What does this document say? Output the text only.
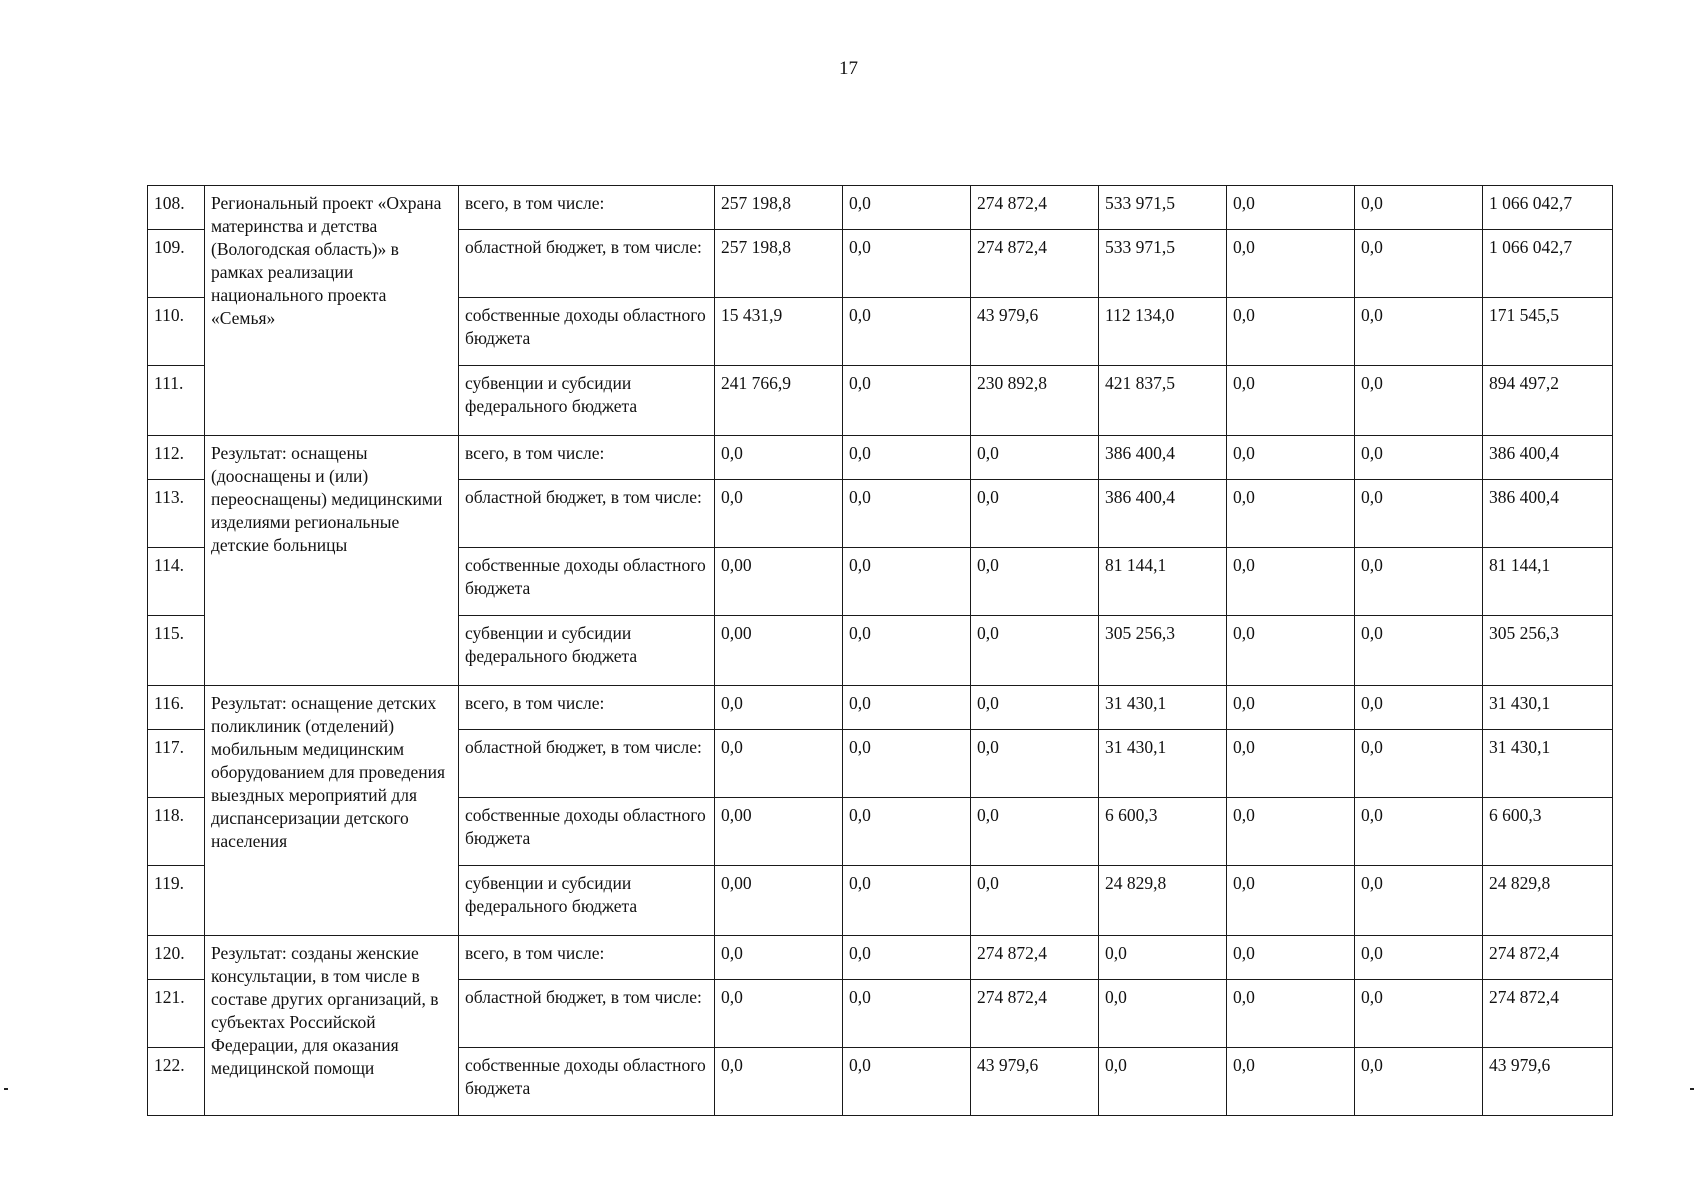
17
108.	Региональный проект «Охрана материнства и детства (Вологодская область)» в рамках реализации национального проекта «Семья»	всего, в том числе:	257 198,8	0,0	274 872,4	533 971,5	0,0	0,0	1 066 042,7
109.		областной бюджет, в том числе:	257 198,8	0,0	274 872,4	533 971,5	0,0	0,0	1 066 042,7
110.		собственные доходы областного бюджета	15 431,9	0,0	43 979,6	112 134,0	0,0	0,0	171 545,5
111.		субвенции и субсидии федерального бюджета	241 766,9	0,0	230 892,8	421 837,5	0,0	0,0	894 497,2
112.	Результат: оснащены (дооснащены и (или) переоснащены) медицинскими изделиями региональные детские больницы	всего, в том числе:	0,0	0,0	0,0	386 400,4	0,0	0,0	386 400,4
113.		областной бюджет, в том числе:	0,0	0,0	0,0	386 400,4	0,0	0,0	386 400,4
114.		собственные доходы областного бюджета	0,00	0,0	0,0	81 144,1	0,0	0,0	81 144,1
115.		субвенции и субсидии федерального бюджета	0,00	0,0	0,0	305 256,3	0,0	0,0	305 256,3
116.	Результат: оснащение детских поликлиник (отделений) мобильным медицинским оборудованием для проведения выездных мероприятий для диспансеризации детского населения	всего, в том числе:	0,0	0,0	0,0	31 430,1	0,0	0,0	31 430,1
117.		областной бюджет, в том числе:	0,0	0,0	0,0	31 430,1	0,0	0,0	31 430,1
118.		собственные доходы областного бюджета	0,00	0,0	0,0	6 600,3	0,0	0,0	6 600,3
119.		субвенции и субсидии федерального бюджета	0,00	0,0	0,0	24 829,8	0,0	0,0	24 829,8
120.	Результат: созданы женские консультации, в том числе в составе других организаций, в субъектах Российской Федерации, для оказания медицинской помощи	всего, в том числе:	0,0	0,0	274 872,4	0,0	0,0	0,0	274 872,4
121.		областной бюджет, в том числе:	0,0	0,0	274 872,4	0,0	0,0	0,0	274 872,4
122.		собственные доходы областного бюджета	0,0	0,0	43 979,6	0,0	0,0	0,0	43 979,6
